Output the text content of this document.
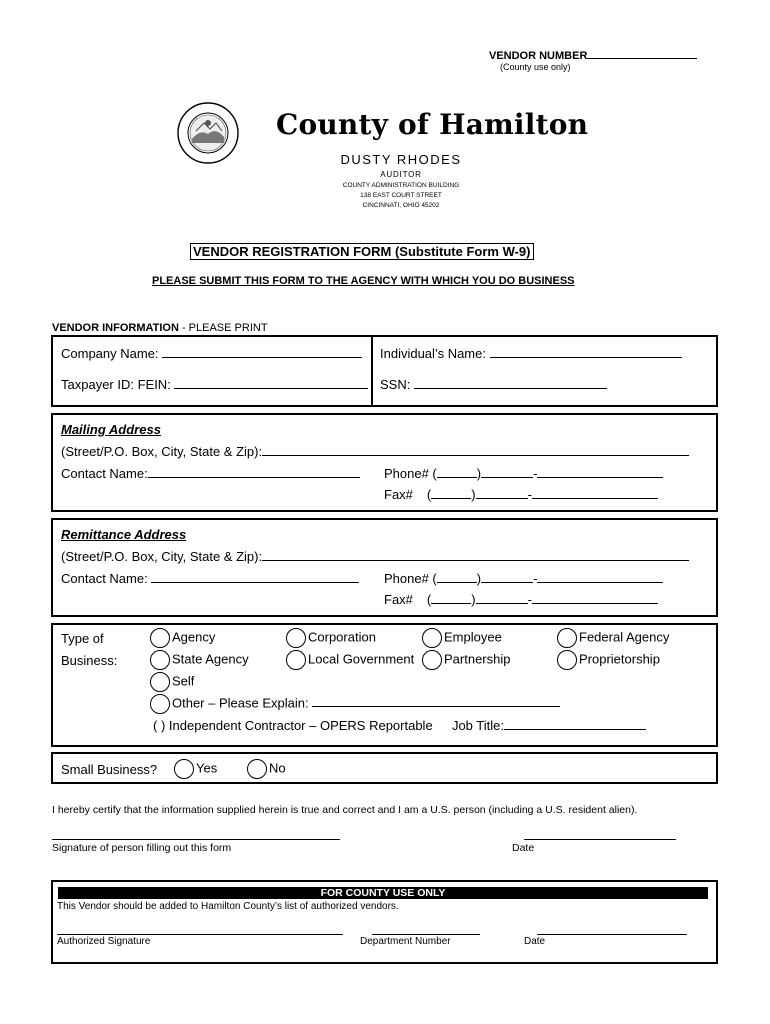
VENDOR NUMBER
(County use only)
County of Hamilton
DUSTY RHODES
AUDITOR
COUNTY ADMINISTRATION BUILDING
138 EAST COURT STREET
CINCINNATI, OHIO 45202
VENDOR REGISTRATION FORM (Substitute Form W-9)
PLEASE SUBMIT THIS FORM TO THE AGENCY WITH WHICH YOU DO BUSINESS
VENDOR INFORMATION - PLEASE PRINT
Company Name:	Individual’s Name:
Taxpayer ID: FEIN:	SSN:
Mailing Address
(Street/P.O. Box, City, State & Zip):
Contact Name:	Phone# (	)	-
Fax# (	)	-
Remittance Address
(Street/P.O. Box, City, State & Zip):
Contact Name:	Phone# (	)	-
Fax# (	)	-
Type of
Business:
Agency	Corporation	Employee	Federal Agency
State Agency	Local Government	Partnership	Proprietorship
Self
Other – Please Explain:
( ) Independent Contractor – OPERS Reportable Job Title:
Small Business?	Yes	No
I hereby certify that the information supplied herein is true and correct and I am a U.S. person (including a U.S. resident alien).
Signature of person filling out this form	Date
FOR COUNTY USE ONLY
This Vendor should be added to Hamilton County’s list of authorized vendors.
Authorized Signature	Department Number	Date
